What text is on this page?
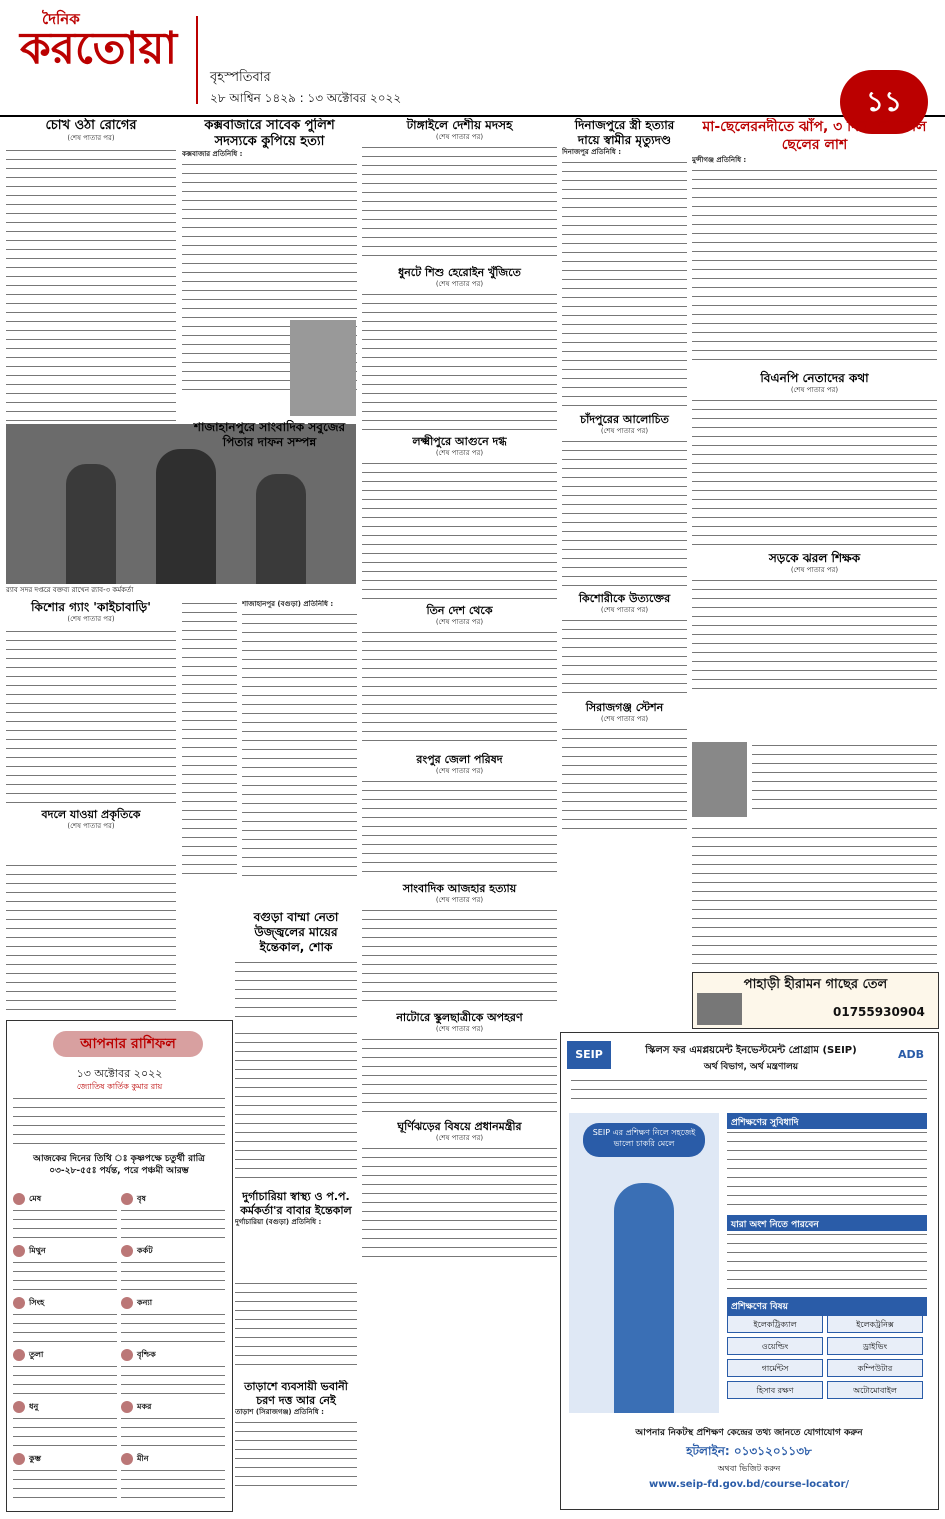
দৈনিক
করতোয়া
বৃহস্পতিবার
২৮ আশ্বিন ১৪২৯ : ১৩ অক্টোবর ২০২২	১১
চোখ ওঠা রোগের
(শেষ পাতার পর)
র‌্যাব সদর দপ্তরে বক্তব্য রাখেন র‌্যাব-৩ কর্মকর্তা
কিশোর গ্যাং 'কাইচাবাড়ি'
(শেষ পাতার পর)
বদলে যাওয়া প্রকৃতিকে
(শেষ পাতার পর)
আপনার রাশিফল
১৩ অক্টোবর ২০২২
জ্যোতিষ কার্তিক কুমার রায়
আজকের দিনের তিথি ঃ কৃষ্ণপক্ষে চতুর্থী রাত্রি ০৩-২৮-৫৫ঃ পর্যন্ত, পরে পঞ্চমী আরম্ভ
মেষ	বৃষ
মিথুন	কর্কট
সিংহ	কন্যা
তুলা	বৃশ্চিক
ধনু	মকর
কুম্ভ	মীন
কক্সবাজারে সাবেক পুলিশ সদস্যকে কুপিয়ে হত্যা
কক্সবাজার প্রতিনিধি :
শাজাহানপুরে সাংবাদিক সবুজের পিতার দাফন সম্পন্ন
শাজাহানপুর (বগুড়া) প্রতিনিধি :
বগুড়া বাম্মা নেতা উজ্জ্বলের মায়ের ইন্তেকাল, শোক
দুর্গাচারিয়া স্বাস্থ্য ও প.প. কর্মকর্তা'র বাবার ইন্তেকাল
দুর্গাচারিয়া (বগুড়া) প্রতিনিধি :
তাড়াশে ব্যবসায়ী ভবানী চরণ দত্ত আর নেই
তাড়াশ (সিরাজগঞ্জ) প্রতিনিধি :
টাঙ্গাইলে দেশীয় মদসহ
(শেষ পাতার পর)
ধুনটে শিশু হেরোইন খুঁজিতে
(শেষ পাতার পর)
লক্ষ্মীপুরে আগুনে দগ্ধ
(শেষ পাতার পর)
তিন দেশ থেকে
(শেষ পাতার পর)
রংপুর জেলা পরিষদ
(শেষ পাতার পর)
সাংবাদিক আজহার হত্যায়
(শেষ পাতার পর)
নাটোরে স্কুলছাত্রীকে অপহরণ
(শেষ পাতার পর)
ঘূর্ণিঝড়ের বিষয়ে প্রধানমন্ত্রীর
(শেষ পাতার পর)
দিনাজপুরে স্ত্রী হত্যার দায়ে স্বামীর মৃত্যুদণ্ড
দিনাজপুর প্রতিনিধি :
চাঁদপুরের আলোচিত
(শেষ পাতার পর)
কিশোরীকে উত্যক্তের
(শেষ পাতার পর)
সিরাজগঞ্জ স্টেশন
(শেষ পাতার পর)
মা-ছেলেরনদীতে ঝাঁপ, ৩ দিন পর মিলল ছেলের লাশ
মুন্সীগঞ্জ প্রতিনিধি :
বিএনপি নেতাদের কথা
(শেষ পাতার পর)
সড়কে ঝরল শিক্ষক
(শেষ পাতার পর)
পাহাড়ী হীরামন গাছের তেল
01755930904
SEIP	ADB
স্কিলস ফর এমপ্লয়মেন্ট ইনভেস্টমেন্ট প্রোগ্রাম (SEIP)
অর্থ বিভাগ, অর্থ মন্ত্রণালয়
SEIP এর প্রশিক্ষণ নিলে সহজেই ভালো চাকরি মেলে
প্রশিক্ষণের সুবিধাদি
যারা অংশ নিতে পারবেন
প্রশিক্ষণের বিষয়
ইলেকট্রিক্যাল	ইলেকট্রনিক্স
ওয়েল্ডিং	ড্রাইভিং
গার্মেন্টস	কম্পিউটার
হিসাব রক্ষণ	অটোমোবাইল
আপনার নিকটস্থ প্রশিক্ষণ কেন্দ্রের তথ্য জানতে যোগাযোগ করুন
হটলাইন: ০১৩১২০১১৩৮
অথবা ভিজিট করুন
www.seip-fd.gov.bd/course-locator/
